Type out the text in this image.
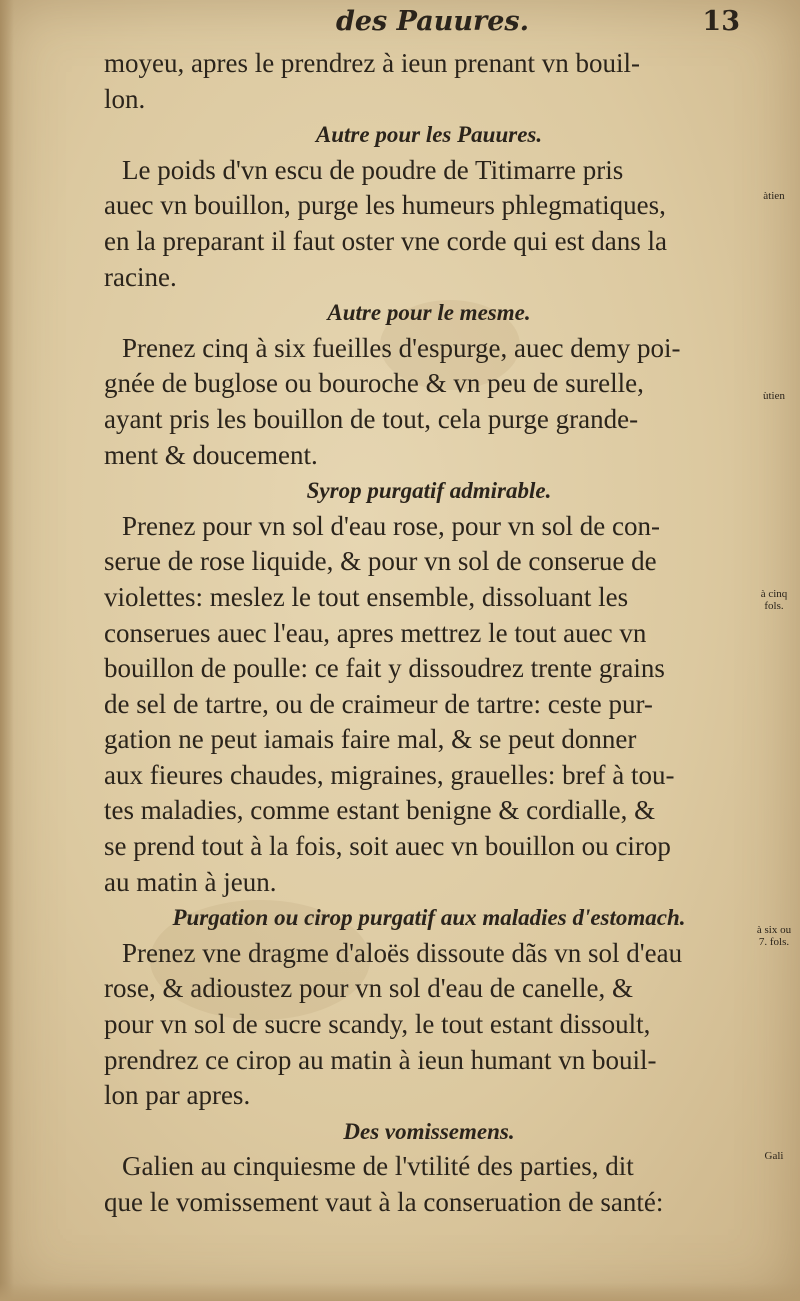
des Pauures.	13
moyeu, apres le prendrez à ieun prenant vn bouil-
lon.
Autre pour les Pauures.
Le poids d'vn escu de poudre de Titimarre pris
auec vn bouillon, purge les humeurs phlegmatiques,
en la preparant il faut oster vne corde qui est dans la
racine.
Autre pour le mesme.
Prenez cinq à six fueilles d'espurge, auec demy poi-
gnée de buglose ou bouroche & vn peu de surelle,
ayant pris les bouillon de tout, cela purge grande-
ment & doucement.
Syrop purgatif admirable.
Prenez pour vn sol d'eau rose, pour vn sol de con-
serue de rose liquide, & pour vn sol de conserue de
violettes: meslez le tout ensemble, dissoluant les
conserues auec l'eau, apres mettrez le tout auec vn
bouillon de poulle: ce fait y dissoudrez trente grains
de sel de tartre, ou de craimeur de tartre: ceste pur-
gation ne peut iamais faire mal, & se peut donner
aux fieures chaudes, migraines, grauelles: bref à tou-
tes maladies, comme estant benigne & cordialle, &
se prend tout à la fois, soit auec vn bouillon ou cirop
au matin à jeun.
Purgation ou cirop purgatif aux maladies d'estomach.
Prenez vne dragme d'aloës dissoute dãs vn sol d'eau
rose, & adioustez pour vn sol d'eau de canelle, &
pour vn sol de sucre scandy, le tout estant dissoult,
prendrez ce cirop au matin à ieun humant vn bouil-
lon par apres.
Des vomissemens.
Galien au cinquiesme de l'vtilité des parties, dit
que le vomissement vaut à la conseruation de santé:
àtien
ùtien
à cinq fols.
à six ou 7. fols.
Gali
